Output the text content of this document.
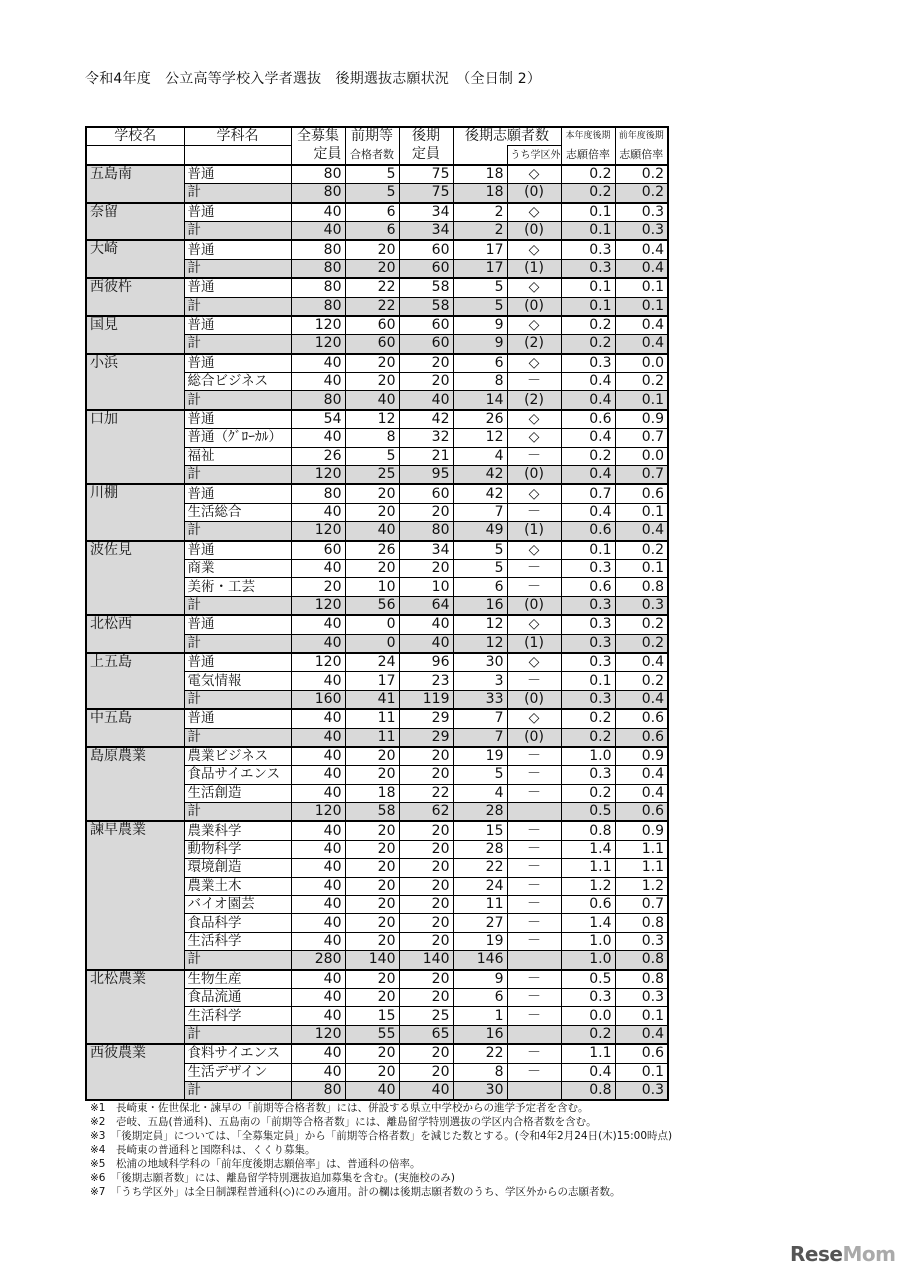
令和4年度　公立高等学校入学者選抜　後期選抜志願状況　（全日制 2）
学校名	学科名	全募集	前期等	後期	後期志願者数		本年度後期	前年度後期
		定員	合格者数	定員		うち学区外	志願倍率	志願倍率
五島南	普通	80	5	75	18	◇	0.2	0.2
	計	80	5	75	18	(0)	0.2	0.2
奈留	普通	40	6	34	2	◇	0.1	0.3
	計	40	6	34	2	(0)	0.1	0.3
大崎	普通	80	20	60	17	◇	0.3	0.4
	計	80	20	60	17	(1)	0.3	0.4
西彼杵	普通	80	22	58	5	◇	0.1	0.1
	計	80	22	58	5	(0)	0.1	0.1
国見	普通	120	60	60	9	◇	0.2	0.4
	計	120	60	60	9	(2)	0.2	0.4
小浜	普通	40	20	20	6	◇	0.3	0.0
	総合ビジネス	40	20	20	8	－	0.4	0.2
	計	80	40	40	14	(2)	0.4	0.1
口加	普通	54	12	42	26	◇	0.6	0.9
	普通（ｸﾞﾛｰｶﾙ）	40	8	32	12	◇	0.4	0.7
	福祉	26	5	21	4	－	0.2	0.0
	計	120	25	95	42	(0)	0.4	0.7
川棚	普通	80	20	60	42	◇	0.7	0.6
	生活総合	40	20	20	7	－	0.4	0.1
	計	120	40	80	49	(1)	0.6	0.4
波佐見	普通	60	26	34	5	◇	0.1	0.2
	商業	40	20	20	5	－	0.3	0.1
	美術・工芸	20	10	10	6	－	0.6	0.8
	計	120	56	64	16	(0)	0.3	0.3
北松西	普通	40	0	40	12	◇	0.3	0.2
	計	40	0	40	12	(1)	0.3	0.2
上五島	普通	120	24	96	30	◇	0.3	0.4
	電気情報	40	17	23	3	－	0.1	0.2
	計	160	41	119	33	(0)	0.3	0.4
中五島	普通	40	11	29	7	◇	0.2	0.6
	計	40	11	29	7	(0)	0.2	0.6
島原農業	農業ビジネス	40	20	20	19	－	1.0	0.9
	食品サイエンス	40	20	20	5	－	0.3	0.4
	生活創造	40	18	22	4	－	0.2	0.4
	計	120	58	62	28		0.5	0.6
諫早農業	農業科学	40	20	20	15	－	0.8	0.9
	動物科学	40	20	20	28	－	1.4	1.1
	環境創造	40	20	20	22	－	1.1	1.1
	農業土木	40	20	20	24	－	1.2	1.2
	バイオ園芸	40	20	20	11	－	0.6	0.7
	食品科学	40	20	20	27	－	1.4	0.8
	生活科学	40	20	20	19	－	1.0	0.3
	計	280	140	140	146		1.0	0.8
北松農業	生物生産	40	20	20	9	－	0.5	0.8
	食品流通	40	20	20	6	－	0.3	0.3
	生活科学	40	15	25	1	－	0.0	0.1
	計	120	55	65	16		0.2	0.4
西彼農業	食料サイエンス	40	20	20	22	－	1.1	0.6
	生活デザイン	40	20	20	8	－	0.4	0.1
	計	80	40	40	30		0.8	0.3
※1　長崎東・佐世保北・諫早の「前期等合格者数」には、併設する県立中学校からの進学予定者を含む。
※2　壱岐、五島(普通科)、五島南の「前期等合格者数」には、離島留学特別選抜の学区内合格者数を含む。
※3　「後期定員」については、「全募集定員」から「前期等合格者数」を減じた数とする。(令和4年2月24日(木)15:00時点)
※4　長崎東の普通科と国際科は、くくり募集。
※5　松浦の地域科学科の「前年度後期志願倍率」は、普通科の倍率。
※6　「後期志願者数」には、離島留学特別選抜追加募集を含む。(実施校のみ)
※7　「うち学区外」は全日制課程普通科(◇)にのみ適用。計の欄は後期志願者数のうち、学区外からの志願者数。
ReseMom
